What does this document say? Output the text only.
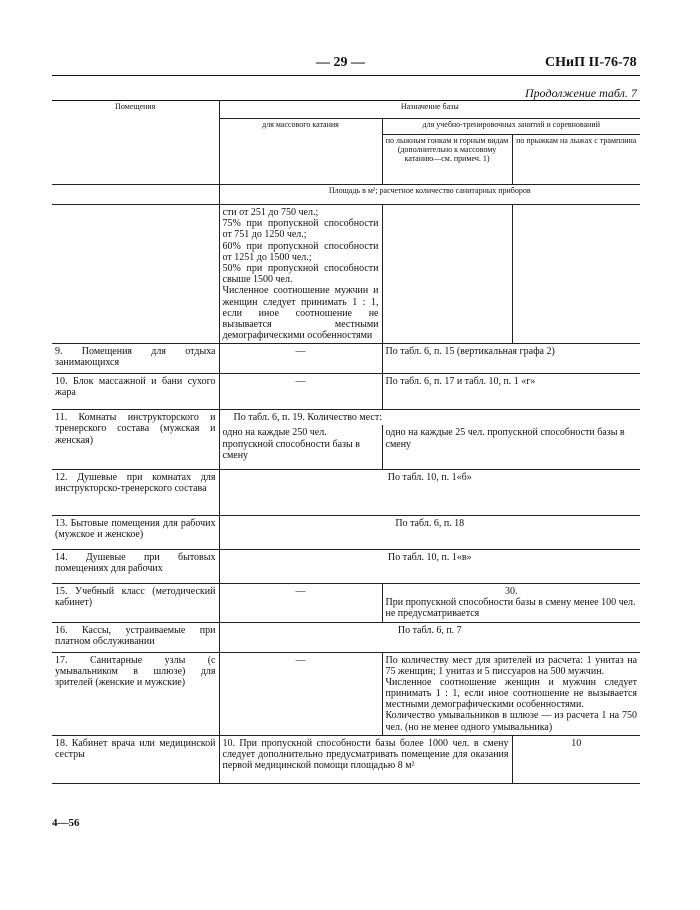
— 29 —	СНиП II-76-78
Продолжение табл. 7
Помещения	Назначение базы		
	для массового катания	для учебно-тренировочных занятий и соревнований	
		по лыжным гонкам и горным видам (дополнительно к массовому катанию—см. примеч. 1)	по прыжкам на лыжах с трамплина
	Площадь в м²; расчетное количество санитарных приборов		
	сти от 251 до 750 чел.;
75% при пропускной способности от 751 до 1250 чел.;
60% при пропускной способности от 1251 до 1500 чел.;
50% при пропускной способности свыше 1500 чел.
Численное соотношение мужчин и женщин следует принимать 1 : 1, если иное соотношение не вызывается местными демографическими особенностями		
9. Помещения для отдыха занимающихся	—	По табл. 6, п. 15 (вертикальная графа 2)	
10. Блок массажной и бани сухого жара	—	По табл. 6, п. 17 и табл. 10, п. 1 «г»	
11. Комнаты инструкторского и тренерского состава (мужская и женская)	По табл. 6, п. 19. Количество мест:		
	одно на каждые 250 чел. пропускной способности базы в смену	одно на каждые 25 чел. пропускной способности базы в смену	
12. Душевые при комнатах для инструкторско-тренерского состава	По табл. 10, п. 1«б»		
13. Бытовые помещения для рабочих (мужское и женское)	По табл. 6, п. 18		
14. Душевые при бытовых помещениях для рабочих	По табл. 10, п. 1«в»		
15. Учебный класс (методический кабинет)	—	30.
При пропускной способности базы в смену менее 100 чел. не предусматривается	

16. Кассы, устраиваемые при платном обслуживании	По табл. 6, п. 7		
17. Санитарные узлы (с умывальником в шлюзе) для зрителей (женские и мужские)	—	По количеству мест для зрителей из расчета: 1 унитаз на 75 женщин; 1 унитаз и 5 писсуаров на 500 мужчин.
Численное соотношение женщин и мужчин следует принимать 1 : 1, если иное соотношение не вызывается местными демографическими особенностями.
Количество умывальников в шлюзе — из расчета 1 на 750 чел. (но не менее одного умывальника)	
18. Кабинет врача или медицинской сестры	10. При пропускной способности базы более 1000 чел. в смену следует дополнительно предусматривать помещение для оказания первой медицинской помощи площадью 8 м²		10
4—56
